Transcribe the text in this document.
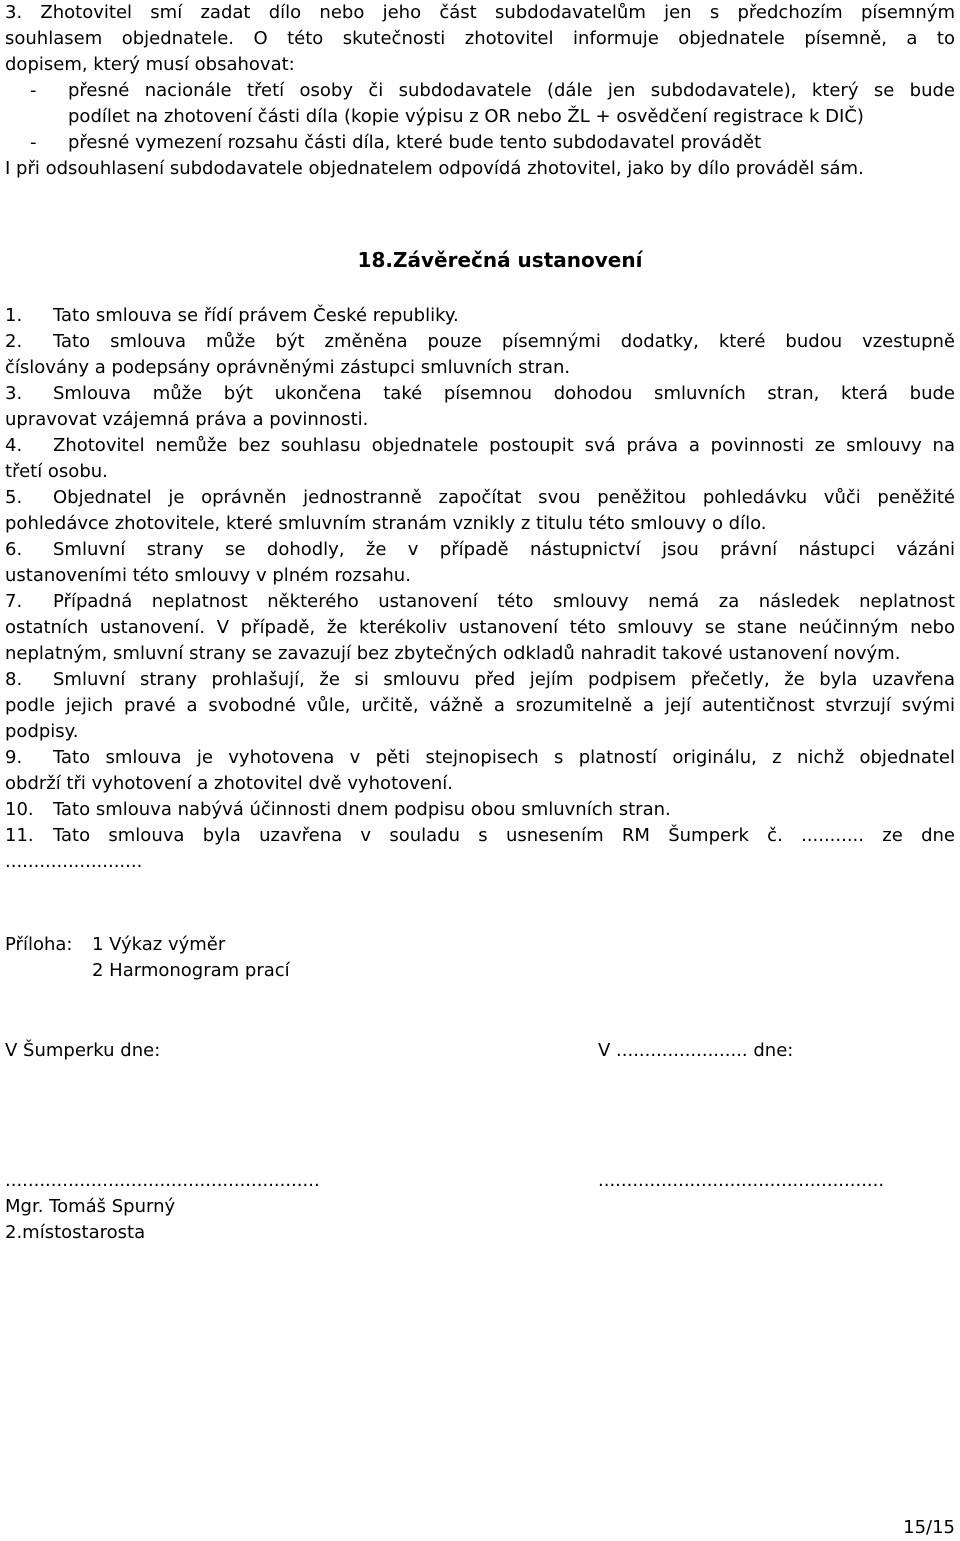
3. Zhotovitel smí zadat dílo nebo jeho část subdodavatelům jen s předchozím písemným

souhlasem objednatele. O této skutečnosti zhotovitel informuje objednatele písemně, a to

dopisem, který musí obsahovat:

- přesné nacionále třetí osoby či subdodavatele (dále jen subdodavatele), který se bude

podílet na zhotovení části díla (kopie výpisu z OR nebo ŽL + osvědčení registrace k DIČ)

- přesné vymezení rozsahu části díla, které bude tento subdodavatel provádět

I při odsouhlasení subdodavatele objednatelem odpovídá zhotovitel, jako by dílo prováděl sám.

18.Závěrečná ustanovení

1. Tato smlouva se řídí právem České republiky.

2. Tato smlouva může být změněna pouze písemnými dodatky, které budou vzestupně

číslovány a podepsány oprávněnými zástupci smluvních stran.

3. Smlouva může být ukončena také písemnou dohodou smluvních stran, která bude

upravovat vzájemná práva a povinnosti.

4. Zhotovitel nemůže bez souhlasu objednatele postoupit svá práva a povinnosti ze smlouvy na

třetí osobu.

5. Objednatel je oprávněn jednostranně započítat svou peněžitou pohledávku vůči peněžité

pohledávce zhotovitele, které smluvním stranám vznikly z titulu této smlouvy o dílo.

6. Smluvní strany se dohodly, že v případě nástupnictví jsou právní nástupci vázáni

ustanoveními této smlouvy v plném rozsahu.

7. Případná neplatnost některého ustanovení této smlouvy nemá za následek neplatnost

ostatních ustanovení. V případě, že kterékoliv ustanovení této smlouvy se stane neúčinným nebo

neplatným, smluvní strany se zavazují bez zbytečných odkladů nahradit takové ustanovení novým.

8. Smluvní strany prohlašují, že si smlouvu před jejím podpisem přečetly, že byla uzavřena

podle jejich pravé a svobodné vůle, určitě, vážně a srozumitelně a její autentičnost stvrzují svými

podpisy.

9. Tato smlouva je vyhotovena v pěti stejnopisech s platností originálu, z nichž objednatel

obdrží tři vyhotovení a zhotovitel dvě vyhotovení.

10. Tato smlouva nabývá účinnosti dnem podpisu obou smluvních stran.

11. Tato smlouva byla uzavřena v souladu s usnesením RM Šumperk č. ........... ze dne

........................

Příloha: 1 Výkaz výměr
2 Harmonogram prací
V Šumperku dne:	V ....................... dne:
.......................................................	..................................................
Mgr. Tomáš Spurný
2.místostarosta
15/15
